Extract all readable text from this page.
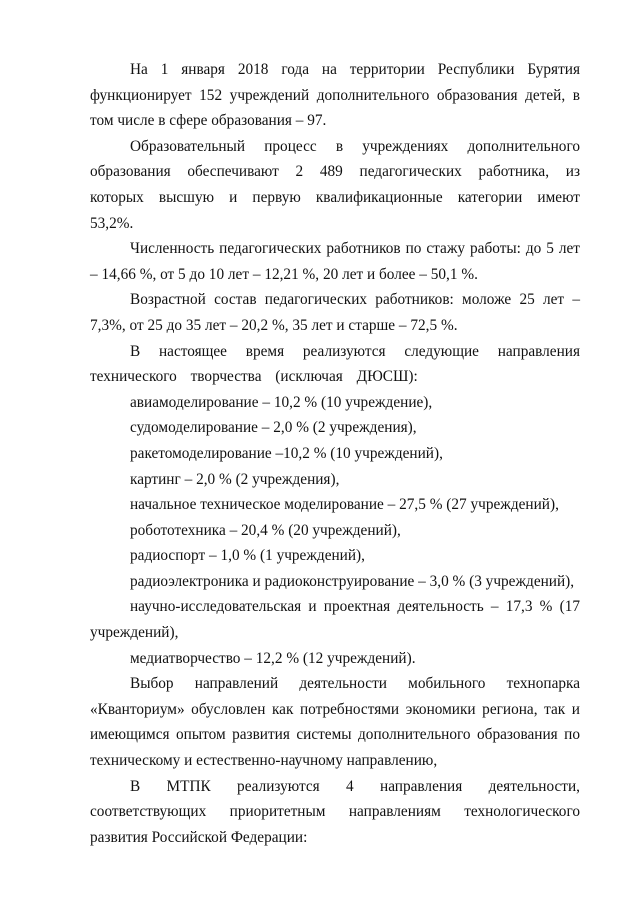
На 1 января 2018 года на территории Республики Бурятия функционирует 152 учреждений дополнительного образования детей, в том числе в сфере образования – 97.

Образовательный процесс в учреждениях дополнительного образования обеспечивают 2 489 педагогических работника, из которых высшую и первую квалификационные категории имеют 53,2%.

Численность педагогических работников по стажу работы: до 5 лет – 14,66 %, от 5 до 10 лет – 12,21 %, 20 лет и более – 50,1 %.

Возрастной состав педагогических работников: моложе 25 лет – 7,3%, от 25 до 35 лет – 20,2 %, 35 лет и старше – 72,5 %.

В настоящее время реализуются следующие направления технического творчества (исключая ДЮСШ):

авиамоделирование – 10,2 % (10 учреждение),

судомоделирование – 2,0 % (2 учреждения),

ракетомоделирование –10,2 % (10 учреждений),

картинг – 2,0 % (2 учреждения),

начальное техническое моделирование – 27,5 % (27 учреждений),

робототехника – 20,4 % (20 учреждений),

радиоспорт – 1,0 % (1 учреждений),

радиоэлектроника и радиоконструирование – 3,0 % (3 учреждений),

научно-исследовательская и проектная деятельность – 17,3 % (17 учреждений),

медиатворчество – 12,2 % (12 учреждений).

Выбор направлений деятельности мобильного технопарка «Кванториум» обусловлен как потребностями экономики региона, так и имеющимся опытом развития системы дополнительного образования по техническому и естественно-научному направлению,

В МТПК реализуются 4 направления деятельности, соответствующих приоритетным направлениям технологического развития Российской Федерации:
